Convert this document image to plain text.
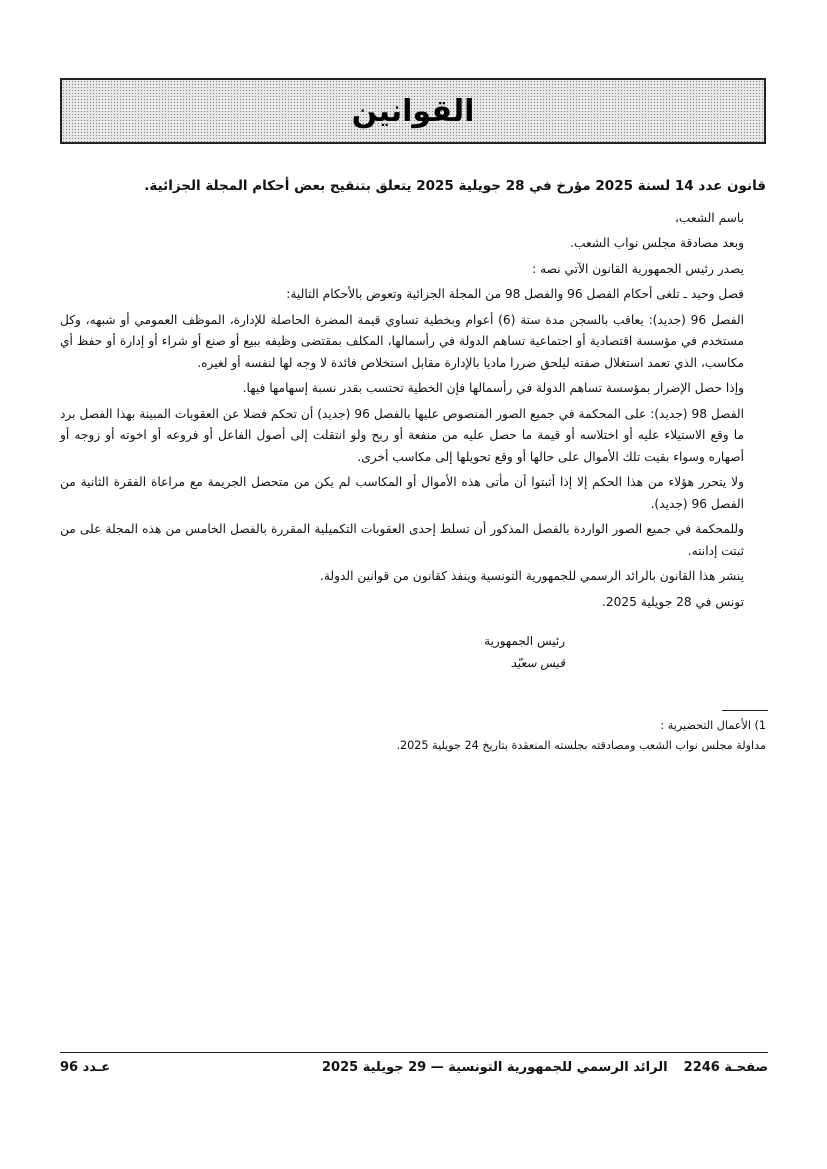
القوانين

قانون عدد 14 لسنة 2025 مؤرخ في 28 جويلية 2025 يتعلق بتنقيح بعض أحكام المجلة الجزائية.

باسم الشعب،

وبعد مصادقة مجلس نواب الشعب.

يصدر رئيس الجمهورية القانون الآتي نصه :

فصل وحيد ـ تلغى أحكام الفصل 96 والفصل 98 من المجلة الجزائية وتعوض بالأحكام التالية:

الفصل 96 (جديد): يعاقب بالسجن مدة ستة (6) أعوام وبخطية تساوي قيمة المضرة الحاصلة للإدارة، الموظف العمومي أو شبهه، وكل مستخدم في مؤسسة اقتصادية أو اجتماعية تساهم الدولة في رأسمالها، المكلف بمقتضى وظيفه ببيع أو صنع أو شراء أو إدارة أو حفظ أي مكاسب، الذي تعمد استغلال صفته ليلحق ضررا ماديا بالإدارة مقابل استخلاص فائدة لا وجه لها لنفسه أو لغيره.

وإذا حصل الإضرار بمؤسسة تساهم الدولة في رأسمالها فإن الخطية تحتسب بقدر نسبة إسهامها فيها.

الفصل 98 (جديد): على المحكمة في جميع الصور المنصوص عليها بالفصل 96 (جديد) أن تحكم فضلا عن العقوبات المبينة بهذا الفصل برد ما وقع الاستيلاء عليه أو اختلاسه أو قيمة ما حصل عليه من منفعة أو ربح ولو انتقلت إلى أصول الفاعل أو فروعه أو اخوته أو زوجه أو أصهاره وسواء بقيت تلك الأموال على حالها أو وقع تحويلها إلى مكاسب أخرى.

ولا يتحرر هؤلاء من هذا الحكم إلا إذا أثبتوا أن مأتى هذه الأموال أو المكاسب لم يكن من متحصل الجريمة مع مراعاة الفقرة الثانية من الفصل 96 (جديد).

وللمحكمة في جميع الصور الواردة بالفصل المذكور أن تسلط إحدى العقوبات التكميلية المقررة بالفصل الخامس من هذه المجلة على من ثبتت إدانته.

ينشر هذا القانون بالرائد الرسمي للجمهورية التونسية وينفذ كقانون من قوانين الدولة.

تونس في 28 جويلية 2025.

رئيس الجمهورية
قيس سعيّد

1) الأعمال التحضيرية :

مداولة مجلس نواب الشعب ومصادقته بجلسته المنعقدة بتاريخ 24 جويلية 2025.

صفحـة 2246
الرائد الرسمي للجمهورية التونسية — 29 جويلية 2025
عـدد 96
